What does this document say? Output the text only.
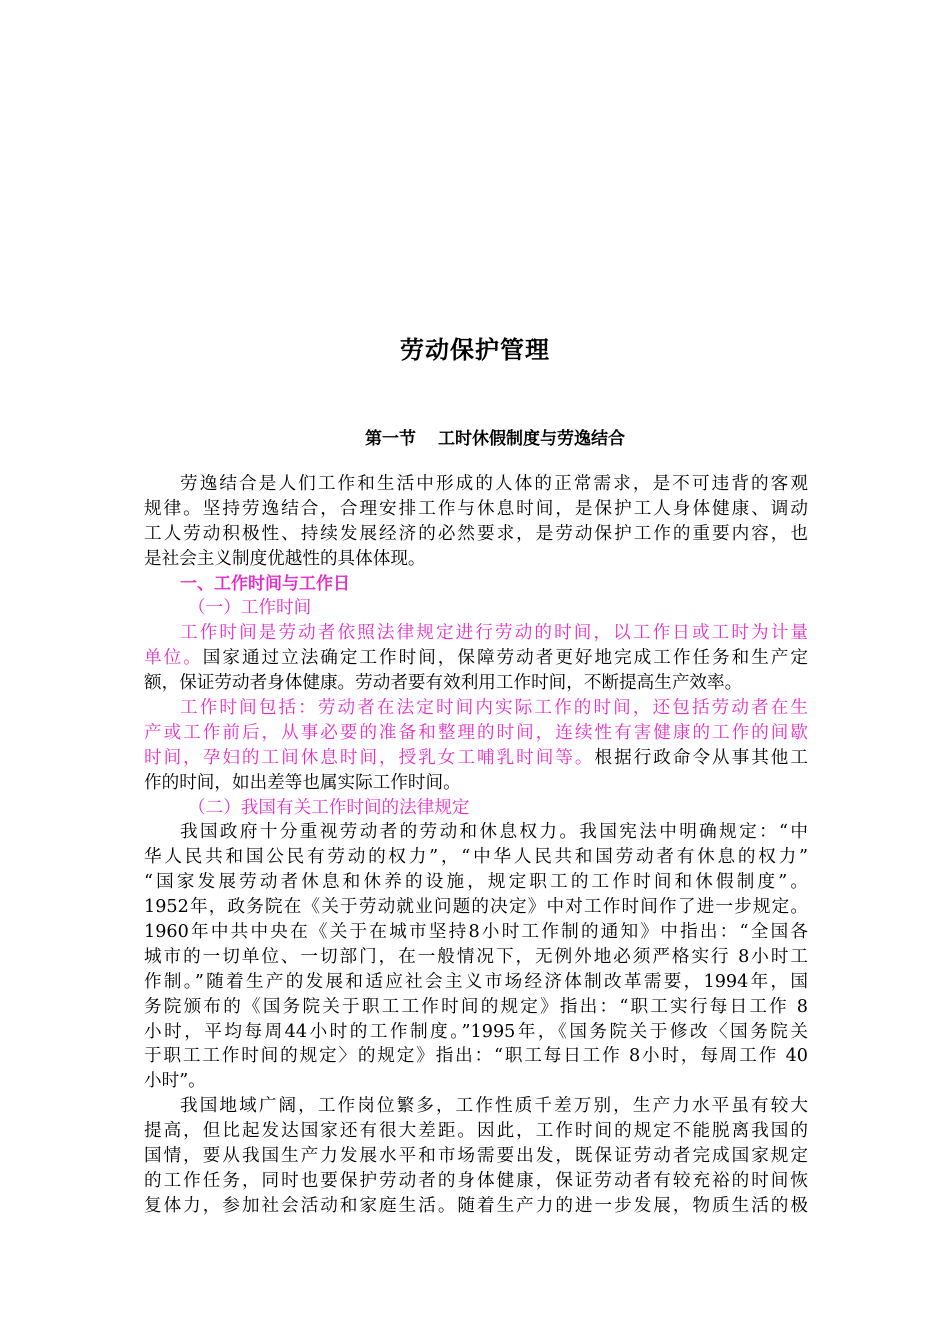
劳动保护管理
第一节 工时休假制度与劳逸结合
劳逸结合是人们工作和生活中形成的人体的正常需求，是不可违背的客观
规律。坚持劳逸结合，合理安排工作与休息时间，是保护工人身体健康、调动
工人劳动积极性、持续发展经济的必然要求，是劳动保护工作的重要内容，也
是社会主义制度优越性的具体体现。
一、工作时间与工作日
（一）工作时间
工作时间是劳动者依照法律规定进行劳动的时间，以工作日或工时为计量
单位。国家通过立法确定工作时间，保障劳动者更好地完成工作任务和生产定
额，保证劳动者身体健康。劳动者要有效利用工作时间，不断提高生产效率。
工作时间包括：劳动者在法定时间内实际工作的时间，还包括劳动者在生
产或工作前后，从事必要的准备和整理的时间，连续性有害健康的工作的间歇
时间，孕妇的工间休息时间，授乳女工哺乳时间等。根据行政命令从事其他工
作的时间，如出差等也属实际工作时间。
（二）我国有关工作时间的法律规定
我国政府十分重视劳动者的劳动和休息权力。我国宪法中明确规定：“中
华人民共和国公民有劳动的权力”，“中华人民共和国劳动者有休息的权力”
“国家发展劳动者休息和休养的设施，规定职工的工作时间和休假制度”。
1952年，政务院在《关于劳动就业问题的决定》中对工作时间作了进一步规定。
1960年中共中央在《关于在城市坚持8小时工作制的通知》中指出：“全国各
城市的一切单位、一切部门，在一般情况下，无例外地必须严格实行 8小时工
作制。”随着生产的发展和适应社会主义市场经济体制改革需要，1994年，国
务院颁布的《国务院关于职工工作时间的规定》指出：“职工实行每日工作 8
小时，平均每周44小时的工作制度。”1995年，《国务院关于修改〈国务院关
于职工工作时间的规定〉的规定》指出：“职工每日工作 8小时，每周工作 40
小时”。
我国地域广阔，工作岗位繁多，工作性质千差万别，生产力水平虽有较大
提高，但比起发达国家还有很大差距。因此，工作时间的规定不能脱离我国的
国情，要从我国生产力发展水平和市场需要出发，既保证劳动者完成国家规定
的工作任务，同时也要保护劳动者的身体健康，保证劳动者有较充裕的时间恢
复体力，参加社会活动和家庭生活。随着生产力的进一步发展，物质生活的极
